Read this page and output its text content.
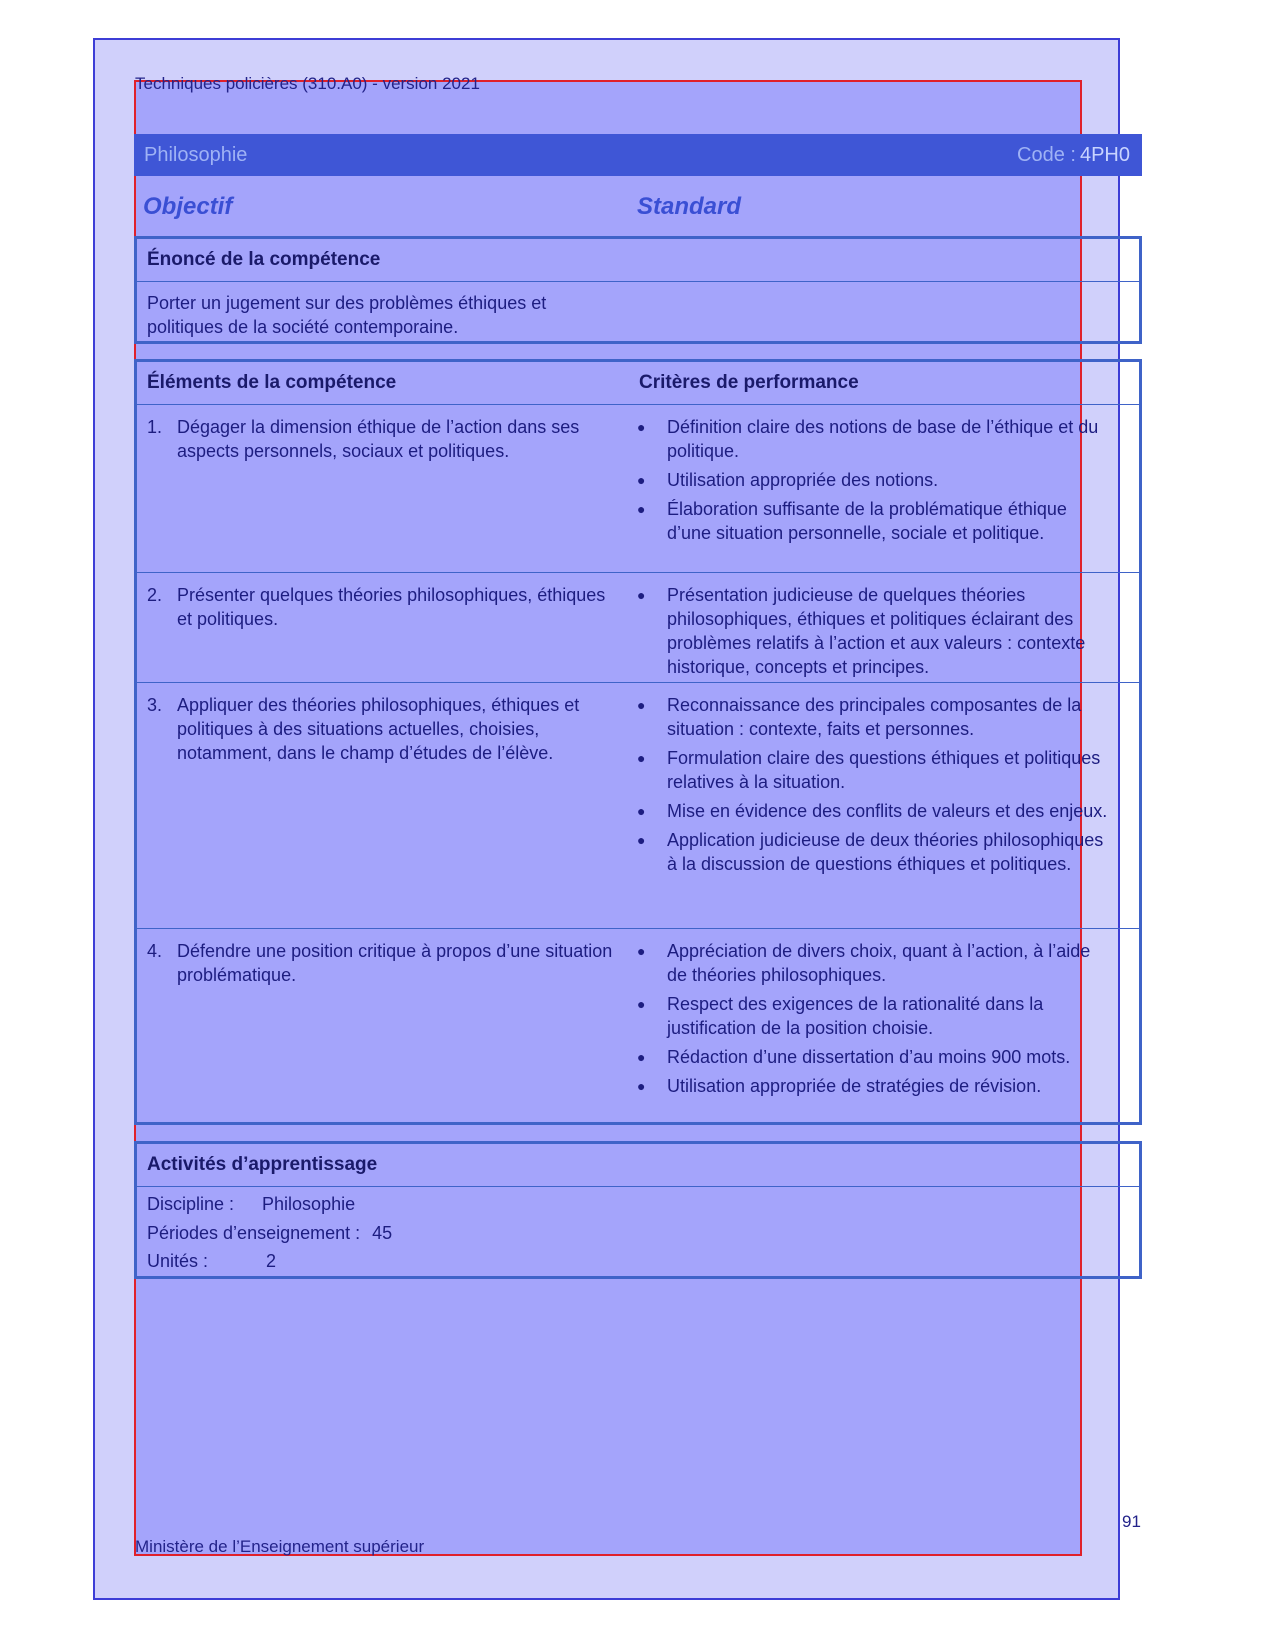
Techniques policières (310.A0) - version 2021
Philosophie	Code : 4PH0
Objectif	Standard
Énoncé de la compétence
Porter un jugement sur des problèmes éthiques et
politiques de la société contemporaine.
Éléments de la compétence	Critères de performance
1. Dégager la dimension éthique de l’action dans ses aspects personnels, sociaux et politiques.
●	Définition claire des notions de base de l’éthique et du politique.
●	Utilisation appropriée des notions.
●	Élaboration suffisante de la problématique éthique d’une situation personnelle, sociale et politique.
2. Présenter quelques théories philosophiques, éthiques et politiques.
●	Présentation judicieuse de quelques théories philosophiques, éthiques et politiques éclairant des problèmes relatifs à l’action et aux valeurs : contexte historique, concepts et principes.
3. Appliquer des théories philosophiques, éthiques et politiques à des situations actuelles, choisies, notamment, dans le champ d’études de l’élève.
●	Reconnaissance des principales composantes de la situation : contexte, faits et personnes.
●	Formulation claire des questions éthiques et politiques relatives à la situation.
●	Mise en évidence des conflits de valeurs et des enjeux.
●	Application judicieuse de deux théories philosophiques à la discussion de questions éthiques et politiques.
4. Défendre une position critique à propos d’une situation problématique.
●	Appréciation de divers choix, quant à l’action, à l’aide de théories philosophiques.
●	Respect des exigences de la rationalité dans la justification de la position choisie.
●	Rédaction d’une dissertation d’au moins 900 mots.
●	Utilisation appropriée de stratégies de révision.
Activités d’apprentissage
Discipline : Philosophie
Périodes d’enseignement : 45
Unités :	2
91
Ministère de l’Enseignement supérieur
